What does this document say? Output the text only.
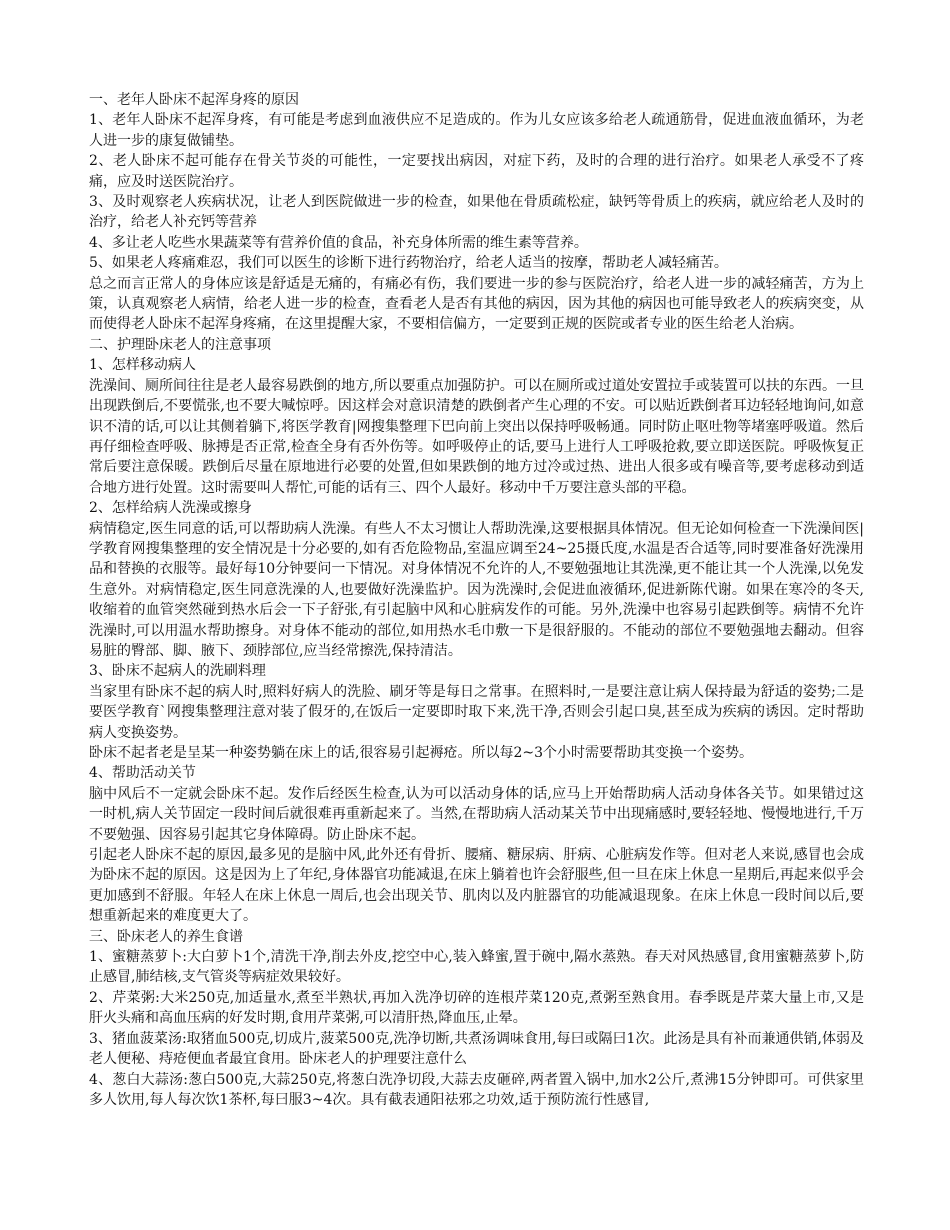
一、老年人卧床不起浑身疼的原因

1、老年人卧床不起浑身疼，有可能是考虑到血液供应不足造成的。作为儿女应该多给老人疏通筋骨，促进血液血循环，为老人进一步的康复做铺垫。

2、老人卧床不起可能存在骨关节炎的可能性，一定要找出病因，对症下药，及时的合理的进行治疗。如果老人承受不了疼痛，应及时送医院治疗。

3、及时观察老人疾病状况，让老人到医院做进一步的检查，如果他在骨质疏松症，缺钙等骨质上的疾病，就应给老人及时的治疗，给老人补充钙等营养

4、多让老人吃些水果蔬菜等有营养价值的食品，补充身体所需的维生素等营养。

5、如果老人疼痛难忍，我们可以医生的诊断下进行药物治疗，给老人适当的按摩，帮助老人减轻痛苦。

总之而言正常人的身体应该是舒适是无痛的，有痛必有伤，我们要进一步的参与医院治疗，给老人进一步的减轻痛苦，方为上策，认真观察老人病情，给老人进一步的检查，查看老人是否有其他的病因，因为其他的病因也可能导致老人的疾病突变，从而使得老人卧床不起浑身疼痛，在这里提醒大家，不要相信偏方，一定要到正规的医院或者专业的医生给老人治病。

二、护理卧床老人的注意事项

1、怎样移动病人

洗澡间、厕所间往往是老人最容易跌倒的地方,所以要重点加强防护。可以在厕所或过道处安置拉手或装置可以扶的东西。一旦出现跌倒后,不要慌张,也不要大喊惊呼。因这样会对意识清楚的跌倒者产生心理的不安。可以贴近跌倒者耳边轻轻地询问,如意识不清的话,可以让其侧着躺下,将医学教育|网搜集整理下巴向前上突出以保持呼吸畅通。同时防止呕吐物等堵塞呼吸道。然后再仔细检查呼吸、脉搏是否正常,检查全身有否外伤等。如呼吸停止的话,要马上进行人工呼吸抢救,要立即送医院。呼吸恢复正常后要注意保暖。跌倒后尽量在原地进行必要的处置,但如果跌倒的地方过冷或过热、进出人很多或有噪音等,要考虑移动到适合地方进行处置。这时需要叫人帮忙,可能的话有三、四个人最好。移动中千万要注意头部的平稳。

2、怎样给病人洗澡或擦身

病情稳定,医生同意的话,可以帮助病人洗澡。有些人不太习惯让人帮助洗澡,这要根据具体情况。但无论如何检查一下洗澡间医|学教育网搜集整理的安全情况是十分必要的,如有否危险物品,室温应调至24~25摄氏度,水温是否合适等,同时要准备好洗澡用品和替换的衣服等。最好每10分钟要问一下情况。对身体情况不允许的人,不要勉强地让其洗澡,更不能让其一个人洗澡,以免发生意外。对病情稳定,医生同意洗澡的人,也要做好洗澡监护。因为洗澡时,会促进血液循环,促进新陈代谢。如果在寒冷的冬天,收缩着的血管突然碰到热水后会一下子舒张,有引起脑中风和心脏病发作的可能。另外,洗澡中也容易引起跌倒等。病情不允许洗澡时,可以用温水帮助擦身。对身体不能动的部位,如用热水毛巾敷一下是很舒服的。不能动的部位不要勉强地去翻动。但容易脏的臀部、脚、腋下、颈脖部位,应当经常擦洗,保持清洁。

3、卧床不起病人的洗刷料理

当家里有卧床不起的病人时,照料好病人的洗脸、刷牙等是每日之常事。在照料时,一是要注意让病人保持最为舒适的姿势;二是要医学教育`网搜集整理注意对装了假牙的,在饭后一定要即时取下来,洗干净,否则会引起口臭,甚至成为疾病的诱因。定时帮助病人变换姿势。

卧床不起者老是呈某一种姿势躺在床上的话,很容易引起褥疮。所以每2~3个小时需要帮助其变换一个姿势。

4、帮助活动关节

脑中风后不一定就会卧床不起。发作后经医生检查,认为可以活动身体的话,应马上开始帮助病人活动身体各关节。如果错过这一时机,病人关节固定一段时间后就很难再重新起来了。当然,在帮助病人活动某关节中出现痛感时,要轻轻地、慢慢地进行,千万不要勉强、因容易引起其它身体障碍。防止卧床不起。

引起老人卧床不起的原因,最多见的是脑中风,此外还有骨折、腰痛、糖尿病、肝病、心脏病发作等。但对老人来说,感冒也会成为卧床不起的原因。这是因为上了年纪,身体器官功能减退,在床上躺着也许会舒服些,但一旦在床上休息一星期后,再起来似乎会更加感到不舒服。年轻人在床上休息一周后,也会出现关节、肌肉以及内脏器官的功能减退现象。在床上休息一段时间以后,要想重新起来的难度更大了。

三、卧床老人的养生食谱

1、蜜糖蒸萝卜:大白萝卜1个,清洗干净,削去外皮,挖空中心,装入蜂蜜,置于碗中,隔水蒸熟。春天对风热感冒,食用蜜糖蒸萝卜,防止感冒,肺结核,支气管炎等病症效果较好。

2、芹菜粥:大米250克,加适量水,煮至半熟状,再加入洗净切碎的连根芹菜120克,煮粥至熟食用。春季既是芹菜大量上市,又是肝火头痛和高血压病的好发时期,食用芹菜粥,可以清肝热,降血压,止晕。

3、猪血菠菜汤:取猪血500克,切成片,菠菜500克,洗净切断,共煮汤调味食用,每曰或隔曰1次。此汤是具有补而兼通供销,体弱及老人便秘、痔疮便血者最宜食用。卧床老人的护理要注意什么

4、葱白大蒜汤:葱白500克,大蒜250克,将葱白洗净切段,大蒜去皮砸碎,两者置入锅中,加水2公斤,煮沸15分钟即可。可供家里多人饮用,每人每次饮1茶杯,每曰服3~4次。具有截表通阳祛邪之功效,适于预防流行性感冒,
